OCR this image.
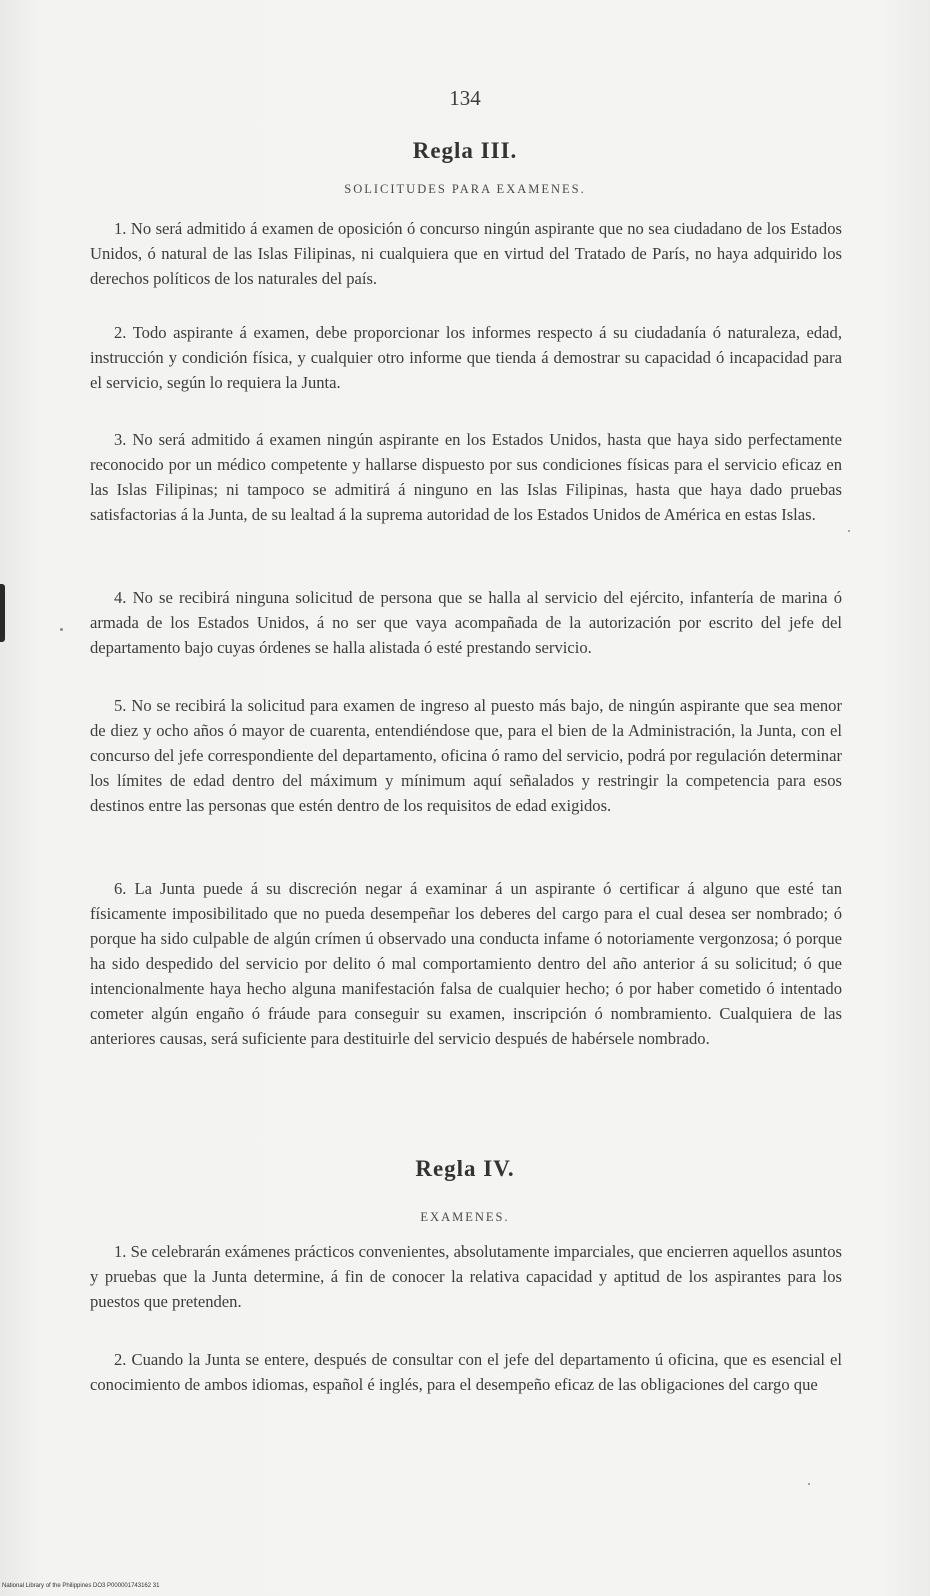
134
Regla III.
SOLICITUDES PARA EXAMENES.

1. No será admitido á examen de oposición ó concurso ningún aspirante que no sea ciudadano de los Estados Unidos, ó natural de las Islas Filipinas, ni cualquiera que en virtud del Tratado de París, no haya adquirido los derechos políticos de los naturales del país.

2. Todo aspirante á examen, debe proporcionar los informes respecto á su ciudadanía ó naturaleza, edad, instrucción y condición física, y cualquier otro informe que tienda á demostrar su capacidad ó incapacidad para el servicio, según lo requiera la Junta.

3. No será admitido á examen ningún aspirante en los Estados Unidos, hasta que haya sido perfectamente reconocido por un médico competente y hallarse dispuesto por sus condiciones físicas para el servicio eficaz en las Islas Filipinas; ni tampoco se admitirá á ninguno en las Islas Filipinas, hasta que haya dado pruebas satisfactorias á la Junta, de su lealtad á la suprema autoridad de los Estados Unidos de América en estas Islas.

4. No se recibirá ninguna solicitud de persona que se halla al servicio del ejército, infantería de marina ó armada de los Estados Unidos, á no ser que vaya acompañada de la autorización por escrito del jefe del departamento bajo cuyas órdenes se halla alistada ó esté prestando servicio.

5. No se recibirá la solicitud para examen de ingreso al puesto más bajo, de ningún aspirante que sea menor de diez y ocho años ó mayor de cuarenta, entendiéndose que, para el bien de la Administración, la Junta, con el concurso del jefe correspondiente del departamento, oficina ó ramo del servicio, podrá por regulación determinar los límites de edad dentro del máximum y mínimum aquí señalados y restringir la competencia para esos destinos entre las personas que estén dentro de los requisitos de edad exigidos.

6. La Junta puede á su discreción negar á examinar á un aspirante ó certificar á alguno que esté tan físicamente imposibilitado que no pueda desempeñar los deberes del cargo para el cual desea ser nombrado; ó porque ha sido culpable de algún crímen ú observado una conducta infame ó notoriamente vergonzosa; ó porque ha sido despedido del servicio por delito ó mal comportamiento dentro del año anterior á su solicitud; ó que intencionalmente haya hecho alguna manifestación falsa de cualquier hecho; ó por haber cometido ó intentado cometer algún engaño ó fráude para conseguir su examen, inscripción ó nombramiento. Cualquiera de las anteriores causas, será suficiente para destituirle del servicio después de habérsele nombrado.

Regla IV.
EXAMENES.

1. Se celebrarán exámenes prácticos convenientes, absolutamente imparciales, que encierren aquellos asuntos y pruebas que la Junta determine, á fin de conocer la relativa capacidad y aptitud de los aspirantes para los puestos que pretenden.

2. Cuando la Junta se entere, después de consultar con el jefe del departamento ú oficina, que es esencial el conocimiento de ambos idiomas, español é inglés, para el desempeño eficaz de las obligaciones del cargo que

National Library of the Philippines DO3 P000001743162 31
